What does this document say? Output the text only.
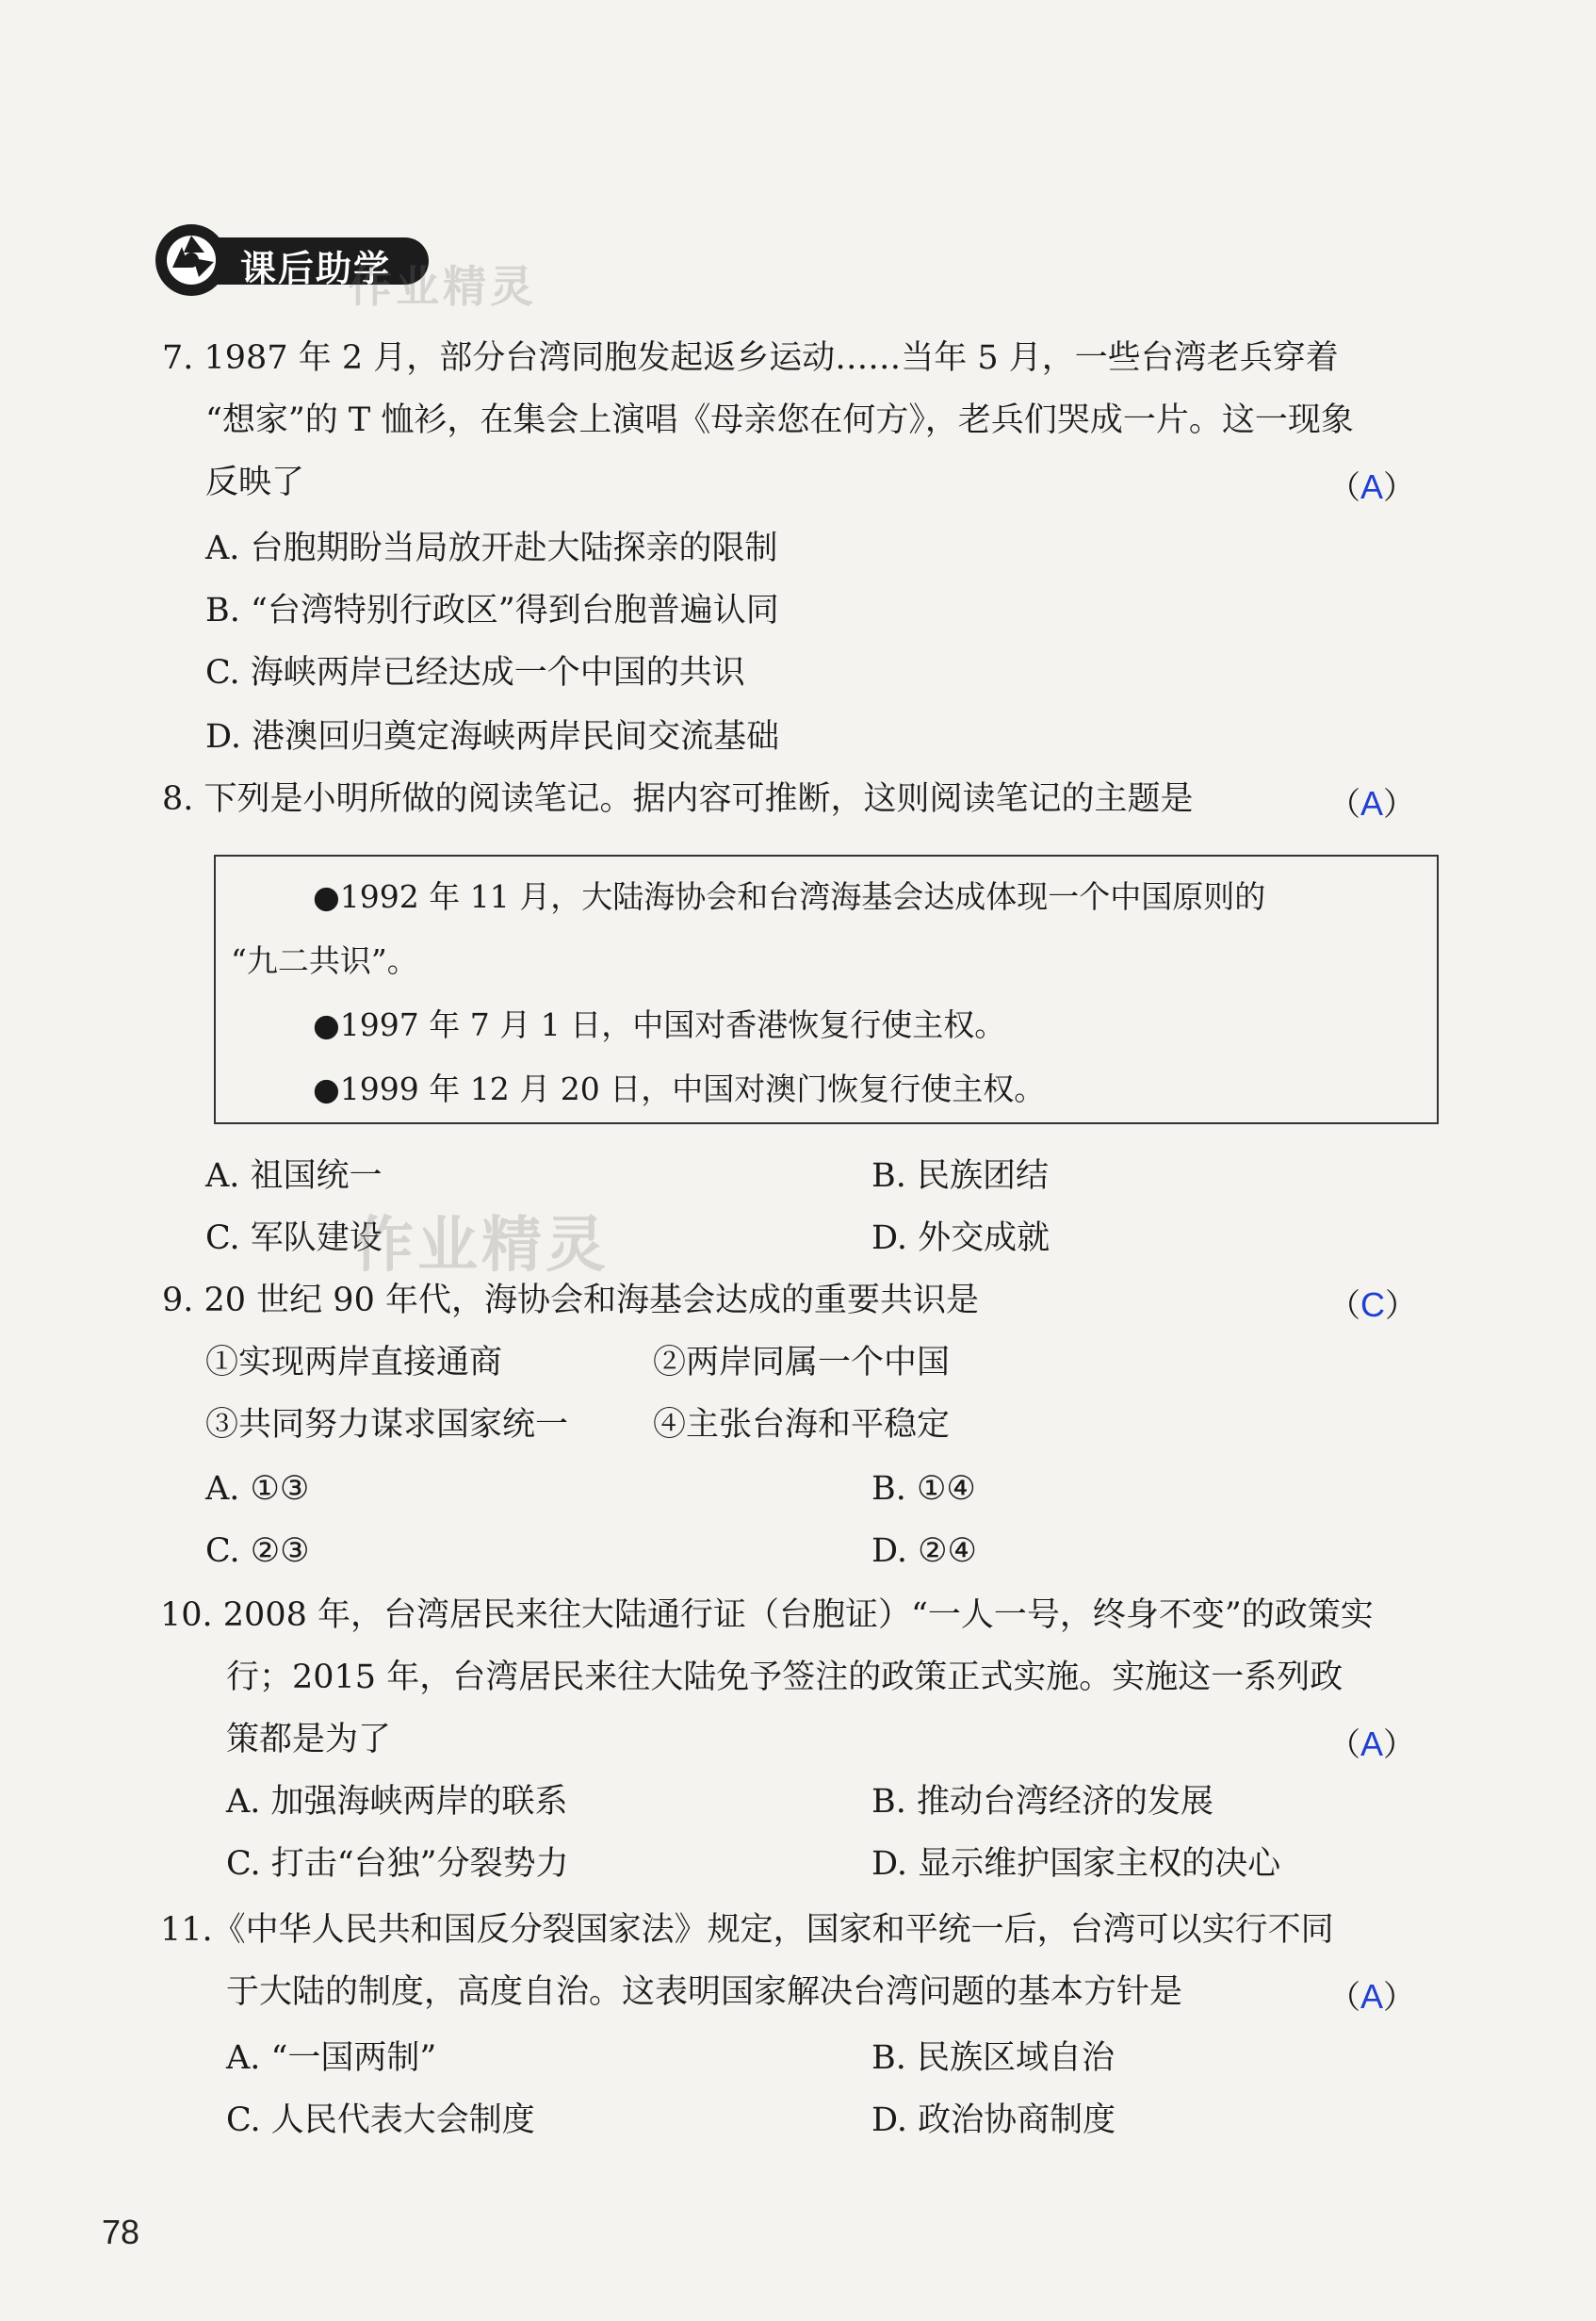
课后助学
作业精灵
7. 1987 年 2 月，部分台湾同胞发起返乡运动……当年 5 月，一些台湾老兵穿着
“想家”的 T 恤衫，在集会上演唱《母亲您在何方》，老兵们哭成一片。这一现象
反映了	（A）
A. 台胞期盼当局放开赴大陆探亲的限制
B. “台湾特别行政区”得到台胞普遍认同
C. 海峡两岸已经达成一个中国的共识
D. 港澳回归奠定海峡两岸民间交流基础
8. 下列是小明所做的阅读笔记。据内容可推断，这则阅读笔记的主题是	（A）
●1992 年 11 月，大陆海协会和台湾海基会达成体现一个中国原则的
“九二共识”。
●1997 年 7 月 1 日，中国对香港恢复行使主权。
●1999 年 12 月 20 日，中国对澳门恢复行使主权。
A. 祖国统一	B. 民族团结
C. 军队建设	D. 外交成就
作业精灵
9. 20 世纪 90 年代，海协会和海基会达成的重要共识是	（C）
①实现两岸直接通商	②两岸同属一个中国
③共同努力谋求国家统一	④主张台海和平稳定
A. ①③	B. ①④
C. ②③	D. ②④
10. 2008 年，台湾居民来往大陆通行证（台胞证）“一人一号，终身不变”的政策实
行；2015 年，台湾居民来往大陆免予签注的政策正式实施。实施这一系列政
策都是为了	（A）
A. 加强海峡两岸的联系	B. 推动台湾经济的发展
C. 打击“台独”分裂势力	D. 显示维护国家主权的决心
11.《中华人民共和国反分裂国家法》规定，国家和平统一后，台湾可以实行不同
于大陆的制度，高度自治。这表明国家解决台湾问题的基本方针是	（A）
A. “一国两制”	B. 民族区域自治
C. 人民代表大会制度	D. 政治协商制度
78
